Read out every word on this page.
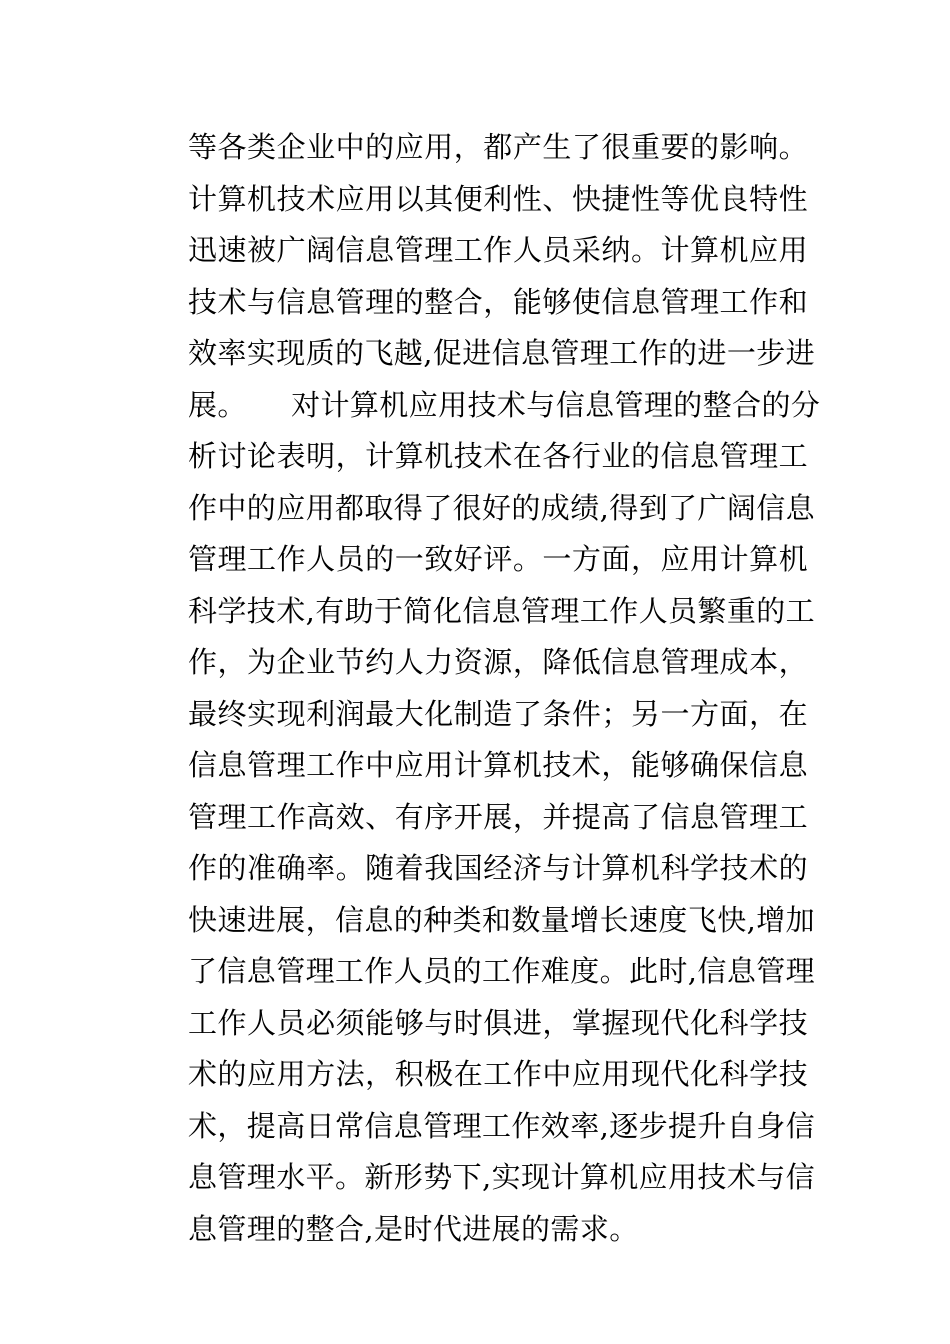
等各类企业中的应用，都产生了很重要的影响。
计算机技术应用以其便利性、快捷性等优良特性
迅速被广阔信息管理工作人员采纳。计算机应用
技术与信息管理的整合，能够使信息管理工作和
效率实现质的飞越,促进信息管理工作的进一步进
展。　　对计算机应用技术与信息管理的整合的分
析讨论表明，计算机技术在各行业的信息管理工
作中的应用都取得了很好的成绩,得到了广阔信息
管理工作人员的一致好评。一方面，应用计算机
科学技术,有助于简化信息管理工作人员繁重的工
作，为企业节约人力资源，降低信息管理成本，
最终实现利润最大化制造了条件；另一方面，在
信息管理工作中应用计算机技术，能够确保信息
管理工作高效、有序开展，并提高了信息管理工
作的准确率。随着我国经济与计算机科学技术的
快速进展，信息的种类和数量增长速度飞快,增加
了信息管理工作人员的工作难度。此时,信息管理
工作人员必须能够与时俱进，掌握现代化科学技
术的应用方法，积极在工作中应用现代化科学技
术，提高日常信息管理工作效率,逐步提升自身信
息管理水平。新形势下,实现计算机应用技术与信
息管理的整合,是时代进展的需求。
